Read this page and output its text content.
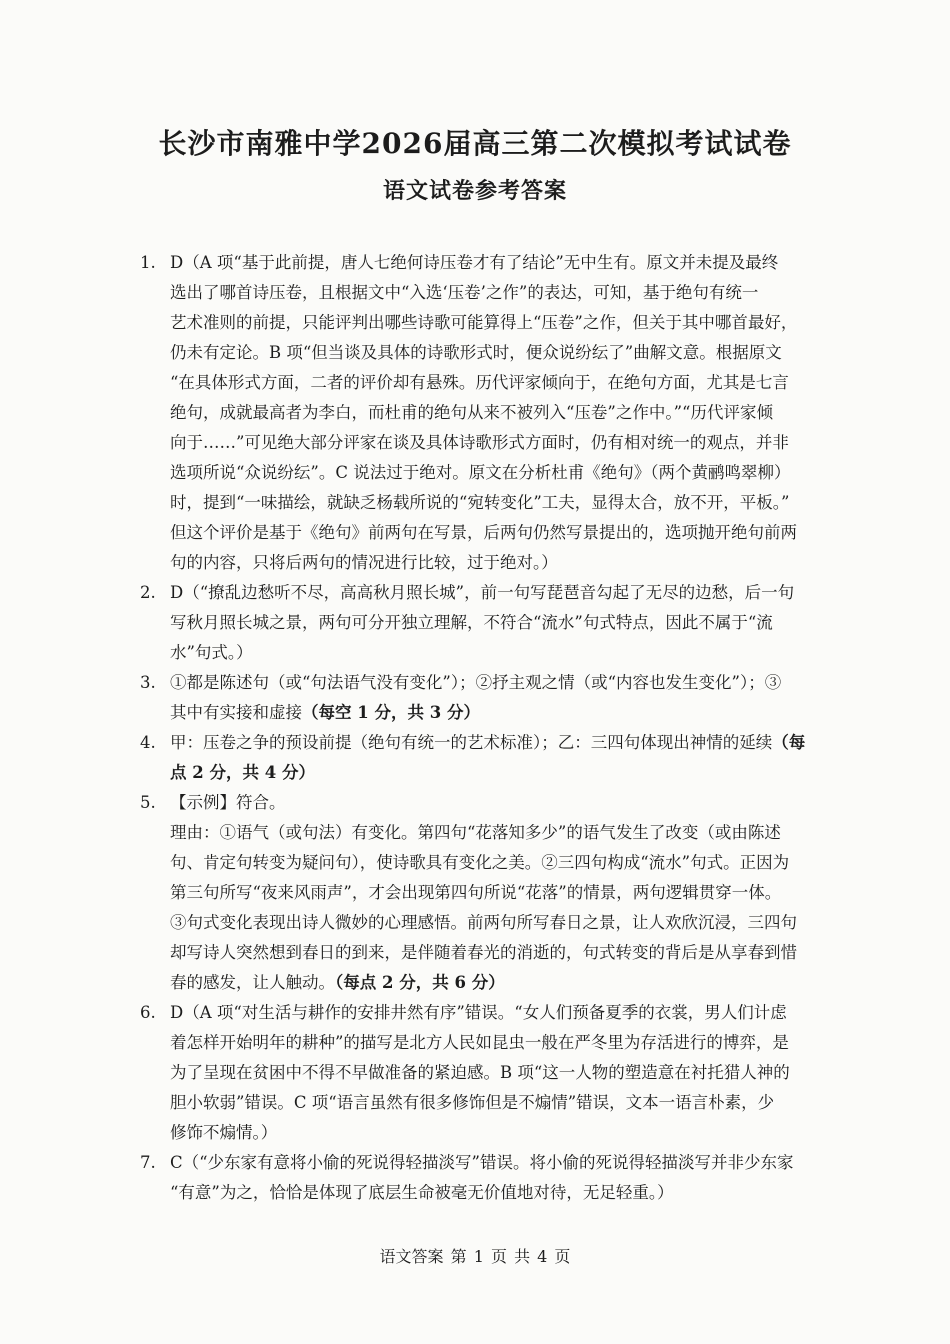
长沙市南雅中学2026届高三第二次模拟考试试卷
语文试卷参考答案
1. D（A 项“基于此前提，唐人七绝何诗压卷才有了结论”无中生有。原文并未提及最终
选出了哪首诗压卷，且根据文中“入选‘压卷’之作”的表达，可知，基于绝句有统一
艺术准则的前提，只能评判出哪些诗歌可能算得上“压卷”之作，但关于其中哪首最好，
仍未有定论。B 项“但当谈及具体的诗歌形式时，便众说纷纭了”曲解文意。根据原文
“在具体形式方面，二者的评价却有悬殊。历代评家倾向于，在绝句方面，尤其是七言
绝句，成就最高者为李白，而杜甫的绝句从来不被列入“压卷”之作中。”“历代评家倾
向于……”可见绝大部分评家在谈及具体诗歌形式方面时，仍有相对统一的观点，并非
选项所说“众说纷纭”。C 说法过于绝对。原文在分析杜甫《绝句》（两个黄鹂鸣翠柳）
时，提到“一味描绘，就缺乏杨载所说的“宛转变化”工夫，显得太合，放不开，平板。”
但这个评价是基于《绝句》前两句在写景，后两句仍然写景提出的，选项抛开绝句前两
句的内容，只将后两句的情况进行比较，过于绝对。）
2. D（“撩乱边愁听不尽，高高秋月照长城”，前一句写琵琶音勾起了无尽的边愁，后一句
写秋月照长城之景，两句可分开独立理解，不符合“流水”句式特点，因此不属于“流
水”句式。）
3. ①都是陈述句（或“句法语气没有变化”）；②抒主观之情（或“内容也发生变化”）；③
其中有实接和虚接（每空 1 分，共 3 分）
4. 甲：压卷之争的预设前提（绝句有统一的艺术标准）；乙：三四句体现出神情的延续（每
点 2 分，共 4 分）
5. 【示例】符合。
理由：①语气（或句法）有变化。第四句“花落知多少”的语气发生了改变（或由陈述
句、肯定句转变为疑问句），使诗歌具有变化之美。②三四句构成“流水”句式。正因为
第三句所写“夜来风雨声”，才会出现第四句所说“花落”的情景，两句逻辑贯穿一体。
③句式变化表现出诗人微妙的心理感悟。前两句所写春日之景，让人欢欣沉浸，三四句
却写诗人突然想到春日的到来，是伴随着春光的消逝的，句式转变的背后是从享春到惜
春的感发，让人触动。（每点 2 分，共 6 分）
6. D（A 项“对生活与耕作的安排井然有序”错误。“女人们预备夏季的衣裳，男人们计虑
着怎样开始明年的耕种”的描写是北方人民如昆虫一般在严冬里为存活进行的博弈，是
为了呈现在贫困中不得不早做准备的紧迫感。B 项“这一人物的塑造意在衬托猎人神的
胆小软弱”错误。C 项“语言虽然有很多修饰但是不煽情”错误，文本一语言朴素，少
修饰不煽情。）
7. C（“少东家有意将小偷的死说得轻描淡写”错误。将小偷的死说得轻描淡写并非少东家
“有意”为之，恰恰是体现了底层生命被毫无价值地对待，无足轻重。）
语文答案 第 1 页 共 4 页
